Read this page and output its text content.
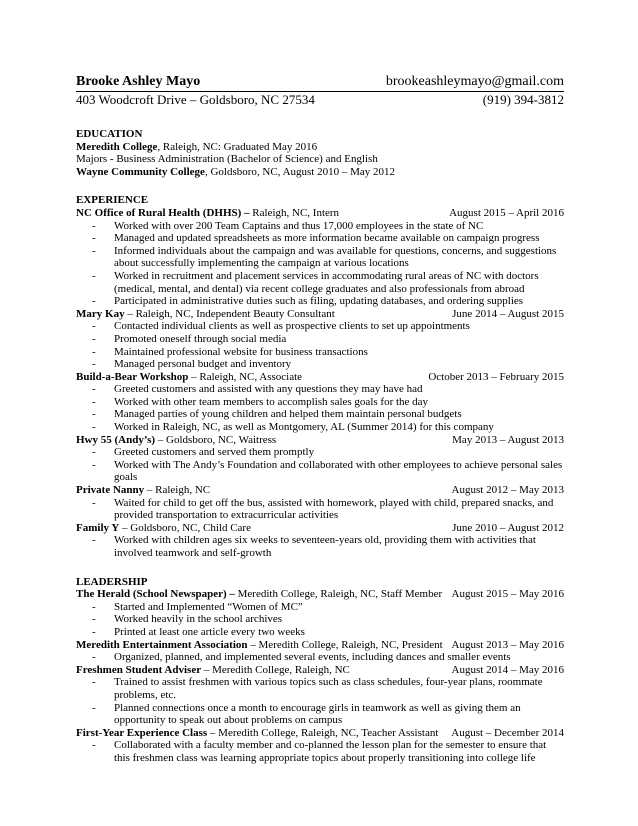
Brooke Ashley Mayo	brookeashleymayo@gmail.com
403 Woodcroft Drive – Goldsboro, NC 27534	(919) 394-3812
EDUCATION
Meredith College, Raleigh, NC: Graduated May 2016
Majors - Business Administration (Bachelor of Science) and English
Wayne Community College, Goldsboro, NC, August 2010 – May 2012
EXPERIENCE
NC Office of Rural Health (DHHS) – Raleigh, NC, Intern	August 2015 – April 2016
- Worked with over 200 Team Captains and thus 17,000 employees in the state of NC
- Managed and updated spreadsheets as more information became available on campaign progress
- Informed individuals about the campaign and was available for questions, concerns, and suggestions about successfully implementing the campaign at various locations
- Worked in recruitment and placement services in accommodating rural areas of NC with doctors (medical, mental, and dental) via recent college graduates and also professionals from abroad
- Participated in administrative duties such as filing, updating databases, and ordering supplies
Mary Kay – Raleigh, NC, Independent Beauty Consultant	June 2014 – August 2015
- Contacted individual clients as well as prospective clients to set up appointments
- Promoted oneself through social media
- Maintained professional website for business transactions
- Managed personal budget and inventory
Build-a-Bear Workshop – Raleigh, NC, Associate	October 2013 – February 2015
- Greeted customers and assisted with any questions they may have had
- Worked with other team members to accomplish sales goals for the day
- Managed parties of young children and helped them maintain personal budgets
- Worked in Raleigh, NC, as well as Montgomery, AL (Summer 2014) for this company
Hwy 55 (Andy’s) – Goldsboro, NC, Waitress	May 2013 – August 2013
- Greeted customers and served them promptly
- Worked with The Andy’s Foundation and collaborated with other employees to achieve personal sales goals
Private Nanny – Raleigh, NC	August 2012 – May 2013
- Waited for child to get off the bus, assisted with homework, played with child, prepared snacks, and provided transportation to extracurricular activities
Family Y – Goldsboro, NC, Child Care	June 2010 – August 2012
- Worked with children ages six weeks to seventeen-years old, providing them with activities that involved teamwork and self-growth
LEADERSHIP
The Herald (School Newspaper) – Meredith College, Raleigh, NC, Staff Member August 2015 – May 2016
- Started and Implemented “Women of MC”
- Worked heavily in the school archives
- Printed at least one article every two weeks
Meredith Entertainment Association – Meredith College, Raleigh, NC, President August 2013 – May 2016
- Organized, planned, and implemented several events, including dances and smaller events
Freshmen Student Adviser – Meredith College, Raleigh, NC	August 2014 – May 2016
- Trained to assist freshmen with various topics such as class schedules, four-year plans, roommate problems, etc.
- Planned connections once a month to encourage girls in teamwork as well as giving them an opportunity to speak out about problems on campus
First-Year Experience Class – Meredith College, Raleigh, NC, Teacher Assistant August – December 2014
- Collaborated with a faculty member and co-planned the lesson plan for the semester to ensure that this freshmen class was learning appropriate topics about properly transitioning into college life
